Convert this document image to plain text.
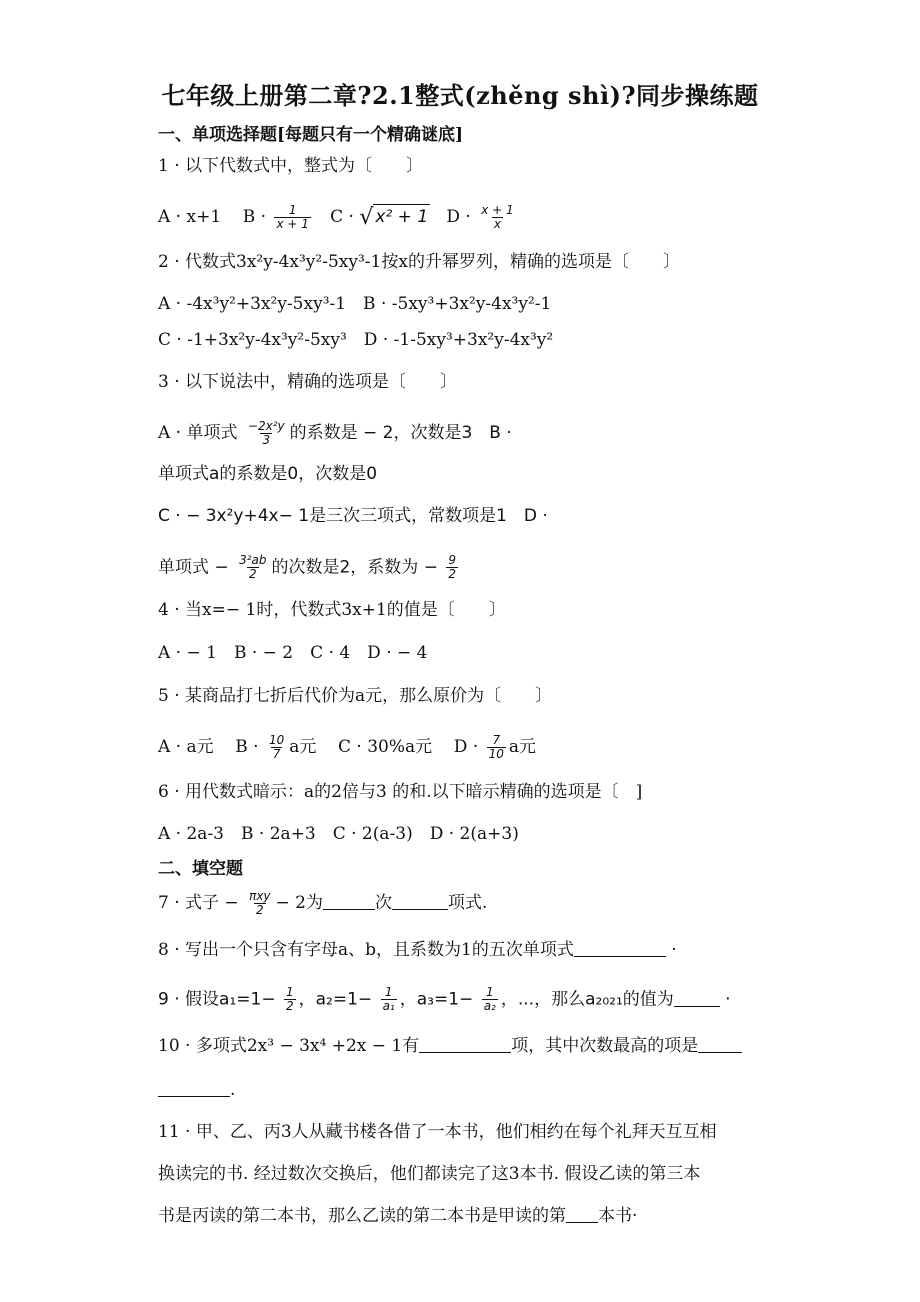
七年级上册第二章?2.1整式(zhěng shì)?同步操练题
一、单项选择题[每题只有一个精确谜底]
1 · 以下代数式中，整式为〔　　〕
A · x+1 $B \cdot \frac{1}{x + 1}$ C · √ x² + 1 $D \cdot \frac{x + 1}{x}$
2 · 代数式3x²y-4x³y²-5xy³-1按x的升幂罗列，精确的选项是〔　　〕
A · -4x³y²+3x²y-5xy³-1　B · -5xy³+3x²y-4x³y²-1
C · -1+3x²y-4x³y²-5xy³　D · -1-5xy³+3x²y-4x³y²
3 · 以下说法中，精确的选项是〔　　〕
A · 单项式 $\frac{\text{−2x²y}}{3}$ 的系数是 − 2，次数是3　B ·
单项式a的系数是0，次数是0
C · − 3x²y+4x− 1是三次三项式，常数项是1　D ·
单项式 − $\frac{\text{3²ab}}{2}$ 的次数是2，系数为 − $\frac{9}{2}$
4 · 当x=− 1时，代数式3x+1的值是〔　　〕
A · − 1　B · − 2　C · 4　D · − 4
5 · 某商品打七折后代价为a元，那么原价为〔　　〕
A · a元 $B \cdot \frac{10}{7}$ a元 C · 30%a元 $D \cdot \frac{7}{10}$ a元
6 · 用代数式暗示：a的2倍与3 的和.以下暗示精确的选项是〔　]
A · 2a-3　B · 2a+3　C · 2(a-3)　D · 2(a+3)
二、填空题
7 · 式子 − $\frac{\text{πxy}}{2} - 2$为	次	项式.
8 · 写出一个只含有字母a、b，且系数为1的五次单项式	·
9 · 假设$a_1=1- \frac{1}{2}$ ，$a_2=1- \frac{1}{\text{a₁}}$ ，$a_3=1- \frac{1}{\text{a₂}}$ ，...，那么a₂₀₂₁的值为	·
10 · 多项式2x³ − 3x⁴ +2x − 1有	项，其中次数最高的项是
.
11 · 甲、乙、丙3人从藏书楼各借了一本书，他们相约在每个礼拜天互互相
换读完的书. 经过数次交换后，他们都读完了这3本书. 假设乙读的第三本
书是丙读的第二本书，那么乙读的第二本书是甲读的第 本书·
